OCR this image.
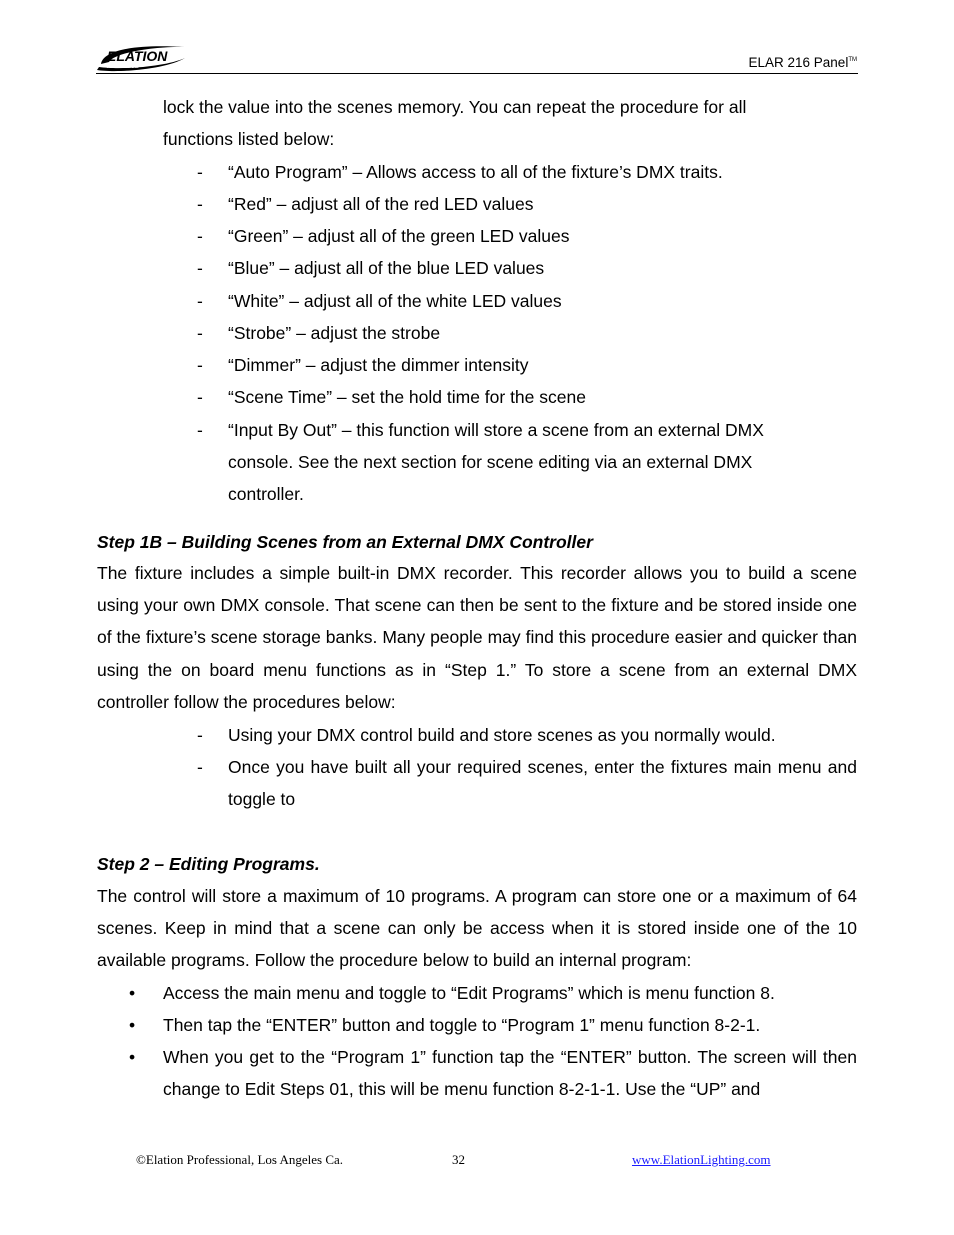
ELATION
PROFESSIONAL	ELAR 216 Panel™
lock the value into the scenes memory. You can repeat the procedure for all functions listed below:
- “Auto Program” – Allows access to all of the fixture’s DMX traits.
- “Red” – adjust all of the red LED values
- “Green” – adjust all of the green LED values
- “Blue” – adjust all of the blue LED values
- “White” – adjust all of the white LED values
- “Strobe” – adjust the strobe
- “Dimmer” – adjust the dimmer intensity
- “Scene Time” – set the hold time for the scene
- “Input By Out” – this function will store a scene from an external DMX console. See the next section for scene editing via an external DMX controller.
Step 1B – Building Scenes from an External DMX Controller
The fixture includes a simple built-in DMX recorder. This recorder allows you to build a scene using your own DMX console. That scene can then be sent to the fixture and be stored inside one of the fixture’s scene storage banks. Many people may find this procedure easier and quicker than using the on board menu functions as in “Step 1.” To store a scene from an external DMX controller follow the procedures below:
- Using your DMX control build and store scenes as you normally would.
- Once you have built all your required scenes, enter the fixtures main menu and toggle to
Step 2 – Editing Programs.
The control will store a maximum of 10 programs. A program can store one or a maximum of 64 scenes. Keep in mind that a scene can only be access when it is stored inside one of the 10 available programs. Follow the procedure below to build an internal program:
• Access the main menu and toggle to “Edit Programs” which is menu function 8.
• Then tap the “ENTER” button and toggle to “Program 1” menu function 8-2-1.
• When you get to the “Program 1” function tap the “ENTER” button. The screen will then change to Edit Steps 01, this will be menu function 8-2-1-1. Use the “UP” and
©Elation Professional, Los Angeles Ca.	32	www.ElationLighting.com
